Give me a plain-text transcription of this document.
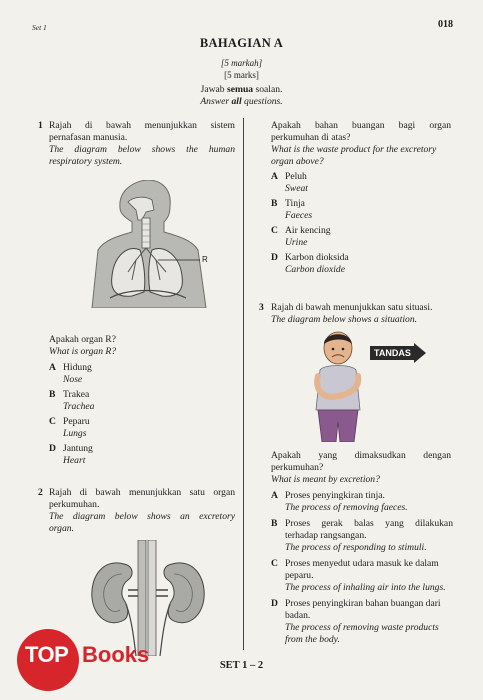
Set 1	018
BAHAGIAN A
[5 markah]
[5 marks]
Jawab semua soalan.
Answer all questions.
1 Rajah di bawah menunjukkan sistem
pernafasan manusia.
The diagram below shows the human
respiratory system.
R
Apakah organ R?
What is organ R?
A Hidung
Nose
B Trakea
Trachea
C Peparu
Lungs
D Jantung
Heart
2 Rajah di bawah menunjukkan satu organ
perkumuhan.
The diagram below shows an excretory
organ.
Apakah bahan buangan bagi organ
perkumuhan di atas?
What is the waste product for the excretory
organ above?
A Peluh
Sweat
B Tinja
Faeces
C Air kencing
Urine
D Karbon dioksida
Carbon dioxide
3 Rajah di bawah menunjukkan satu situasi.
The diagram below shows a situation.
TANDAS
Apakah yang dimaksudkan dengan
perkumuhan?
What is meant by excretion?
A Proses penyingkiran tinja.
The process of removing faeces.
B Proses gerak balas yang dilakukan
terhadap rangsangan.
The process of responding to stimuli.
C Proses menyedut udara masuk ke dalam
peparu.
The process of inhaling air into the lungs.
D Proses penyingkiran bahan buangan dari
badan.
The process of removing waste products
from the body.
SET 1 – 2
TOP Books
